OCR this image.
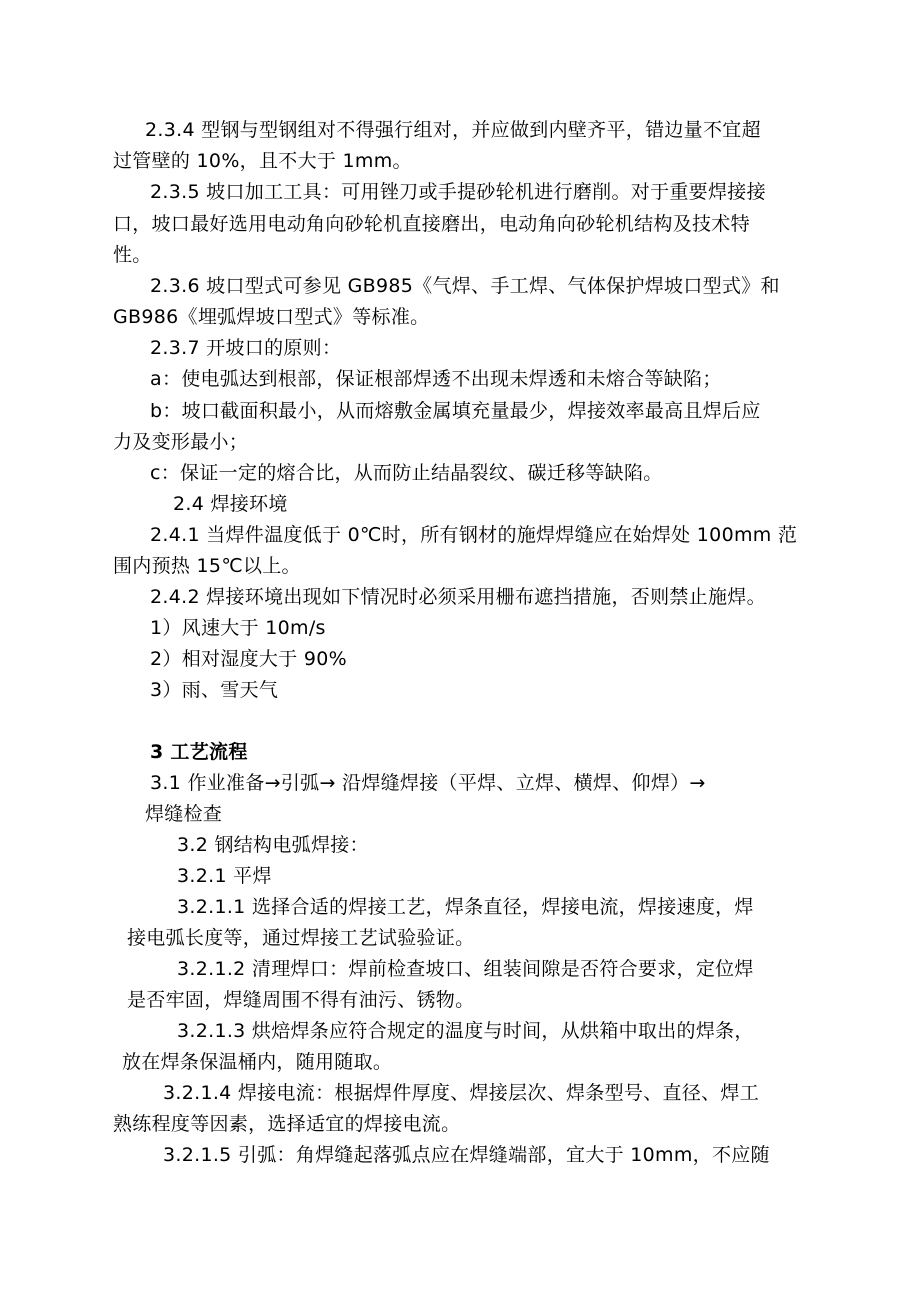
2.3.4 型钢与型钢组对不得强行组对，并应做到内壁齐平，错边量不宜超
过管壁的 10%，且不大于 1mm。
2.3.5 坡口加工工具：可用锉刀或手提砂轮机进行磨削。对于重要焊接接
口，坡口最好选用电动角向砂轮机直接磨出，电动角向砂轮机结构及技术特
性。
2.3.6 坡口型式可参见 GB985《气焊、手工焊、气体保护焊坡口型式》和
GB986《埋弧焊坡口型式》等标准。
2.3.7 开坡口的原则：
a：使电弧达到根部，保证根部焊透不出现未焊透和未熔合等缺陷；
b：坡口截面积最小，从而熔敷金属填充量最少，焊接效率最高且焊后应
力及变形最小；
c：保证一定的熔合比，从而防止结晶裂纹、碳迁移等缺陷。
2.4 焊接环境
2.4.1 当焊件温度低于 0℃时，所有钢材的施焊焊缝应在始焊处 100mm 范
围内预热 15℃以上。
2.4.2 焊接环境出现如下情况时必须采用栅布遮挡措施，否则禁止施焊。
1）风速大于 10m/s
2）相对湿度大于 90%
3）雨、雪天气
3 工艺流程
3.1 作业准备→引弧→ 沿焊缝焊接（平焊、立焊、横焊、仰焊）→
焊缝检查
3.2 钢结构电弧焊接：
3.2.1 平焊
3.2.1.1 选择合适的焊接工艺，焊条直径，焊接电流，焊接速度，焊
接电弧长度等，通过焊接工艺试验验证。
3.2.1.2 清理焊口：焊前检查坡口、组装间隙是否符合要求，定位焊
是否牢固，焊缝周围不得有油污、锈物。
3.2.1.3 烘焙焊条应符合规定的温度与时间，从烘箱中取出的焊条，
放在焊条保温桶内，随用随取。
3.2.1.4 焊接电流：根据焊件厚度、焊接层次、焊条型号、直径、焊工
熟练程度等因素，选择适宜的焊接电流。
3.2.1.5 引弧：角焊缝起落弧点应在焊缝端部，宜大于 10mm，不应随
